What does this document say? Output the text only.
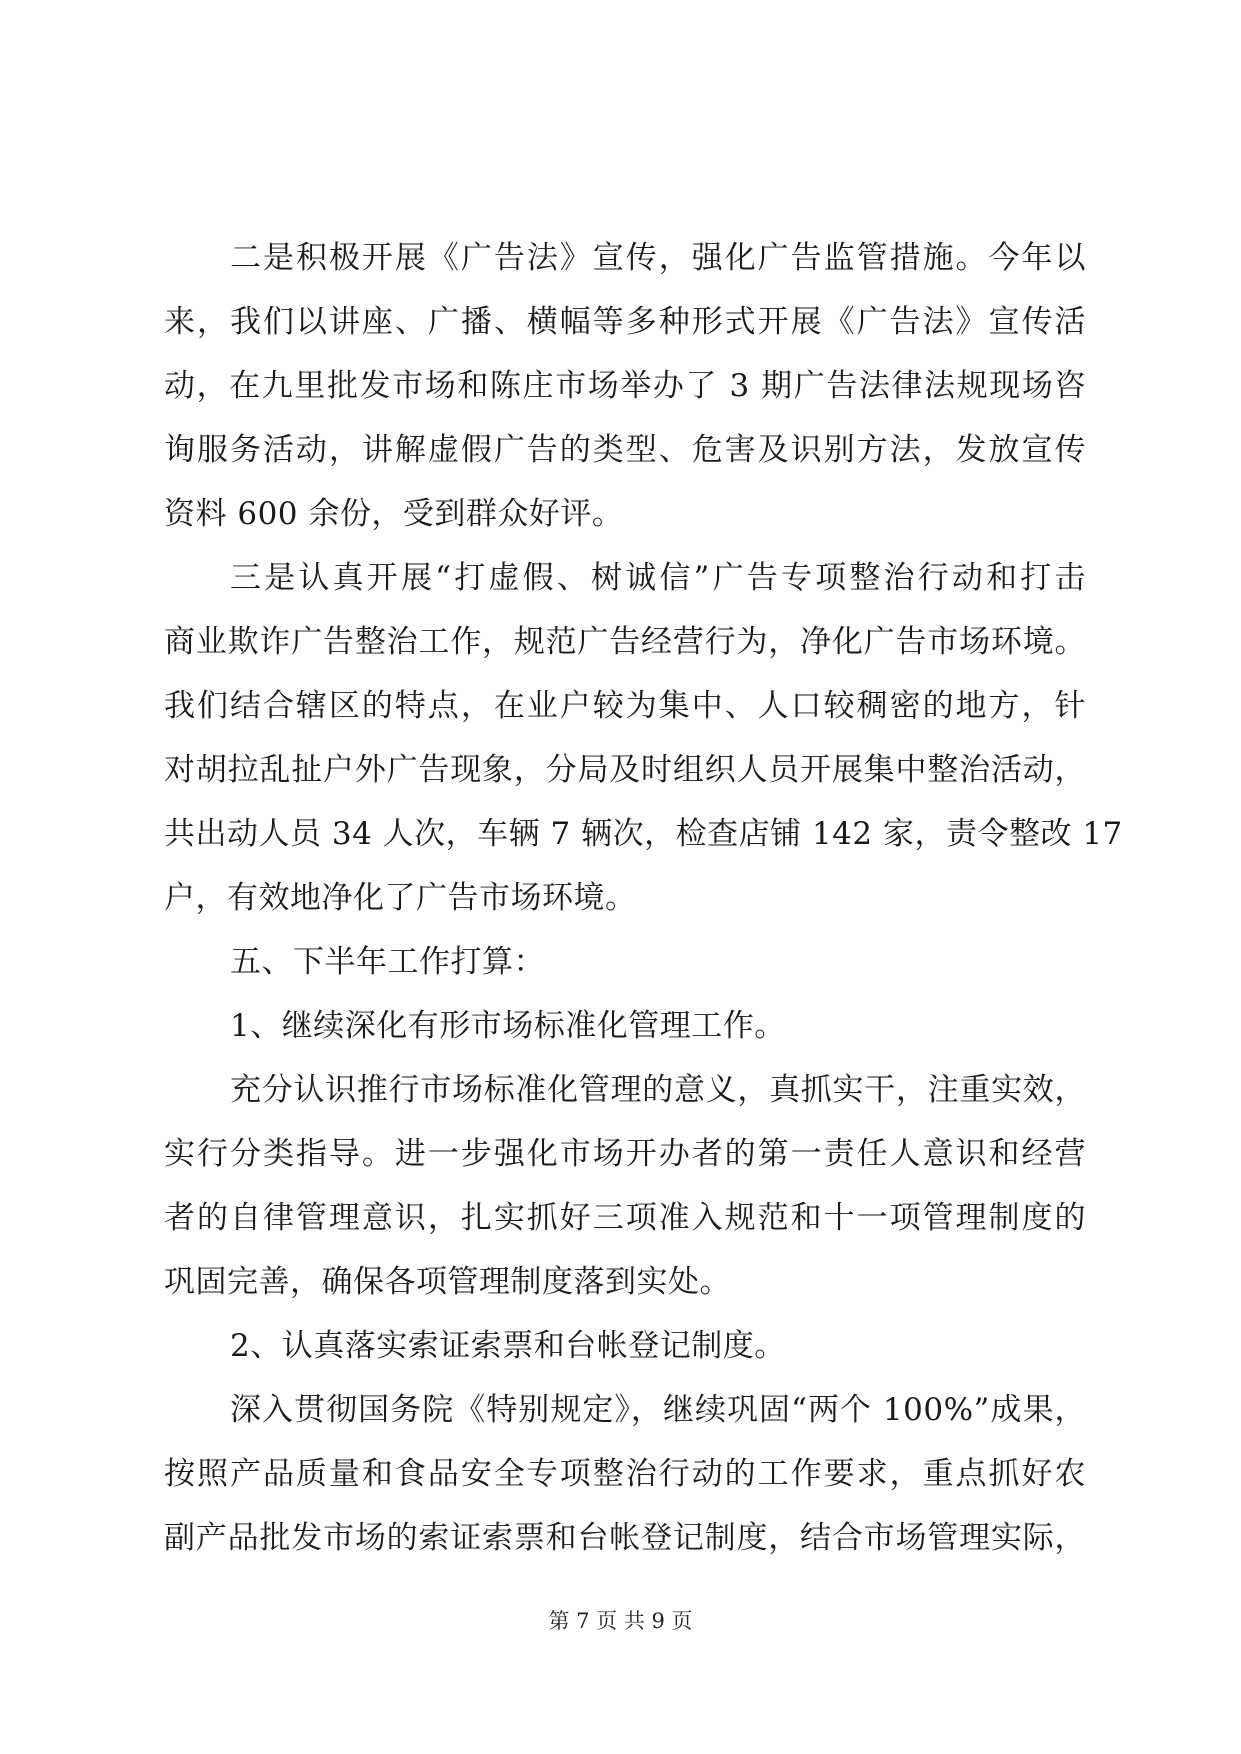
二是积极开展《广告法》宣传，强化广告监管措施。今年以
来，我们以讲座、广播、横幅等多种形式开展《广告法》宣传活
动，在九里批发市场和陈庄市场举办了 3 期广告法律法规现场咨
询服务活动，讲解虚假广告的类型、危害及识别方法，发放宣传
资料 600 余份，受到群众好评。
三是认真开展“打虚假、树诚信”广告专项整治行动和打击
商业欺诈广告整治工作，规范广告经营行为，净化广告市场环境。
我们结合辖区的特点，在业户较为集中、人口较稠密的地方，针
对胡拉乱扯户外广告现象，分局及时组织人员开展集中整治活动，
共出动人员 34 人次，车辆 7 辆次，检查店铺 142 家，责令整改 17
户，有效地净化了广告市场环境。
五、下半年工作打算：
1、继续深化有形市场标准化管理工作。
充分认识推行市场标准化管理的意义，真抓实干，注重实效，
实行分类指导。进一步强化市场开办者的第一责任人意识和经营
者的自律管理意识，扎实抓好三项准入规范和十一项管理制度的
巩固完善，确保各项管理制度落到实处。
2、认真落实索证索票和台帐登记制度。
深入贯彻国务院《特别规定》，继续巩固“两个 100%”成果，
按照产品质量和食品安全专项整治行动的工作要求，重点抓好农
副产品批发市场的索证索票和台帐登记制度，结合市场管理实际，
第 7 页 共 9 页
